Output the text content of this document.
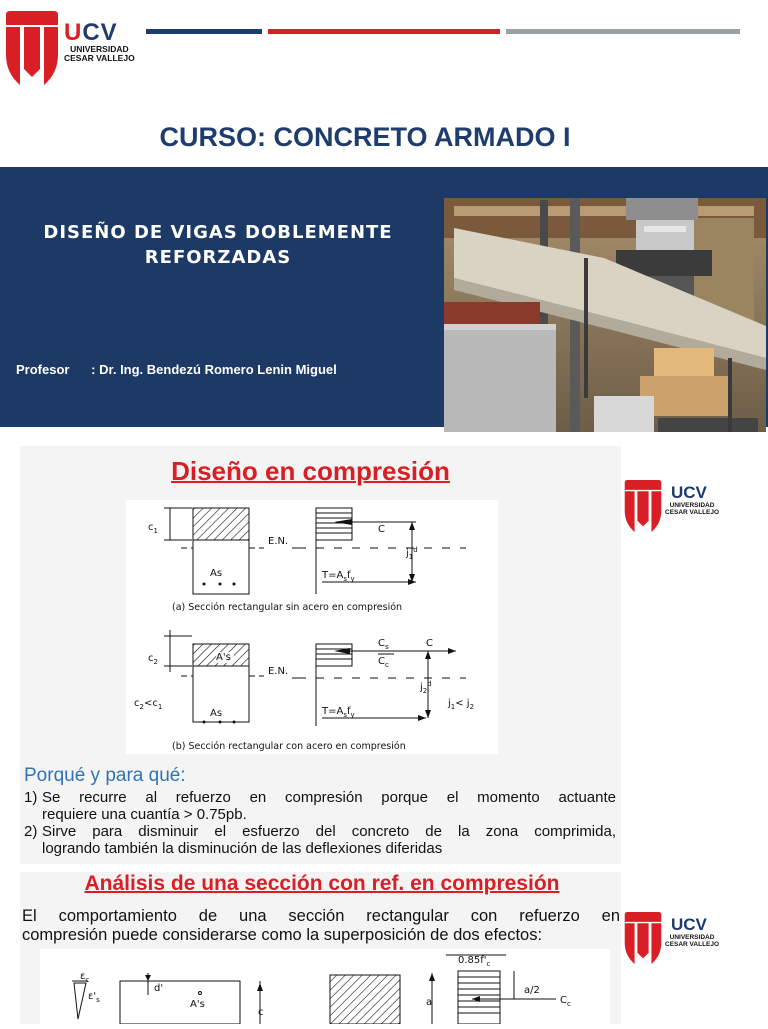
UCV
UNIVERSIDAD
CESAR VALLEJO
CURSO: CONCRETO ARMADO I
DISEÑO DE VIGAS DOBLEMENTE
REFORZADAS
Profesor : Dr. Ing. Bendezú Romero Lenin Miguel
Diseño en compresión
$c_1$
As
E.N.
C
$T=A_sf_y$
$j_1^d$
(a) Sección rectangular sin acero en compresión
$c_2$	A's
$c_2<c_1$
As
E.N.
$C_s$
$C_c$
C
$T=A_sf_y$
$j_2^d$
$j_1< j_2$
(b) Sección rectangular con acero en compresión
Porqué y para qué:
1) Se recurre al refuerzo en compresión porque el momento actuante
requiere una cuantía > 0.75pb.
2) Sirve para disminuir el esfuerzo del concreto de la zona comprimida,
logrando también la disminución de las deflexiones diferidas
UCV
UNIVERSIDAD
CESAR VALLEJO
Análisis de una sección con ref. en compresión
El comportamiento de una sección rectangular con refuerzo en
compresión puede considerarse como la superposición de dos efectos:
$\varepsilon_c$
$\varepsilon'_s$
d'
A's
c
$0.85f'_c$
a
a/2
$C_c$
UCV
UNIVERSIDAD
CESAR VALLEJO
